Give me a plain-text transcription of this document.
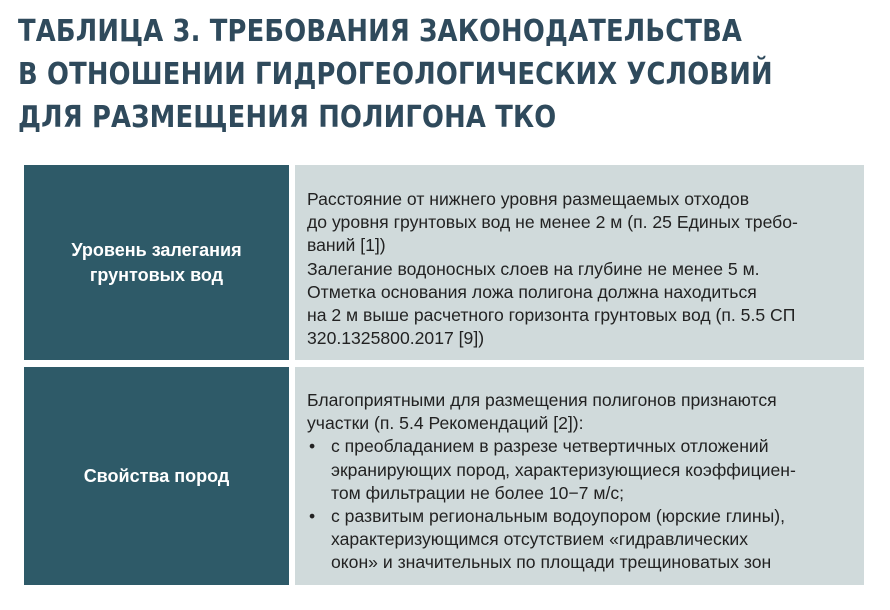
ТАБЛИЦА 3. ТРЕБОВАНИЯ ЗАКОНОДАТЕЛЬСТВА
В ОТНОШЕНИИ ГИДРОГЕОЛОГИЧЕСКИХ УСЛОВИЙ
ДЛЯ РАЗМЕЩЕНИЯ ПОЛИГОНА ТКО
Уровень залегания
грунтовых вод
Расстояние от нижнего уровня размещаемых отходов
до уровня грунтовых вод не менее 2 м (п. 25 Единых требо-
ваний [1])
Залегание водоносных слоев на глубине не менее 5 м.
Отметка основания ложа полигона должна находиться
на 2 м выше расчетного горизонта грунтовых вод (п. 5.5 СП
320.1325800.2017 [9])
Свойства пород
Благоприятными для размещения полигонов признаются
участки (п. 5.4 Рекомендаций [2]):
• с преобладанием в разрезе четвертичных отложений
экранирующих пород, характеризующиеся коэффициен-
том фильтрации не более 10−7 м/с;
• с развитым региональным водоупором (юрские глины),
характеризующимся отсутствием «гидравлических
окон» и значительных по площади трещиноватых зон
